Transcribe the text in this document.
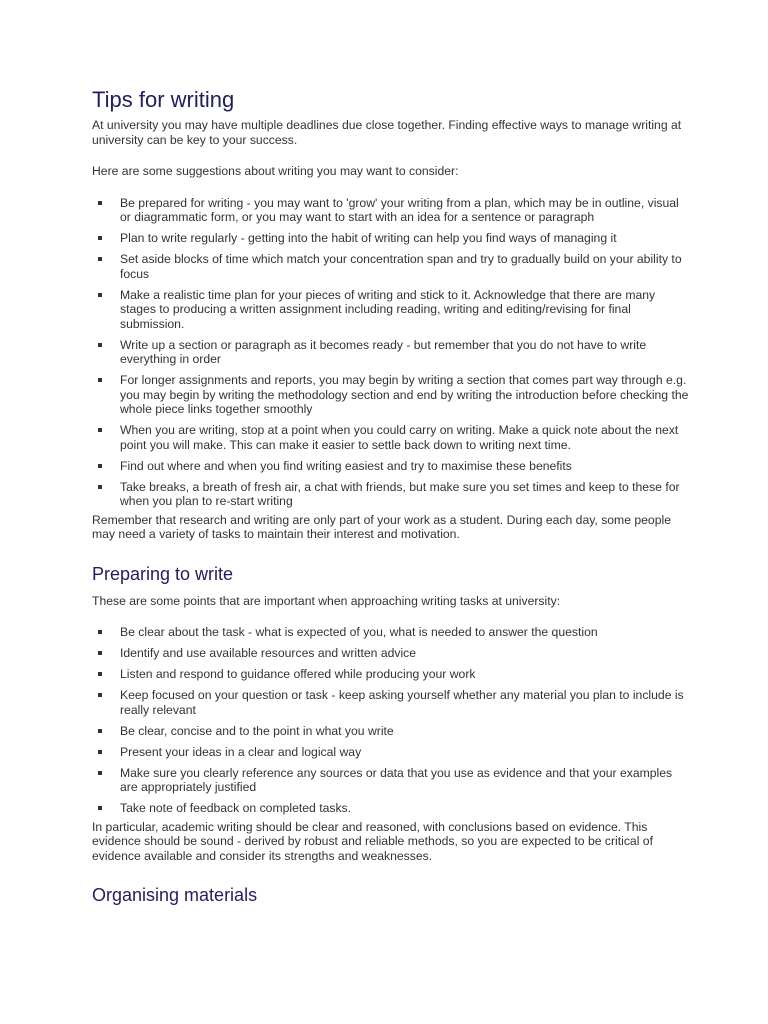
Tips for writing

At university you may have multiple deadlines due close together. Finding effective ways to manage writing at university can be key to your success.

Here are some suggestions about writing you may want to consider:

Be prepared for writing - you may want to 'grow' your writing from a plan, which may be in outline, visual or diagrammatic form, or you may want to start with an idea for a sentence or paragraph
Plan to write regularly - getting into the habit of writing can help you find ways of managing it
Set aside blocks of time which match your concentration span and try to gradually build on your ability to focus
Make a realistic time plan for your pieces of writing and stick to it. Acknowledge that there are many stages to producing a written assignment including reading, writing and editing/revising for final submission.
Write up a section or paragraph as it becomes ready - but remember that you do not have to write everything in order
For longer assignments and reports, you may begin by writing a section that comes part way through e.g. you may begin by writing the methodology section and end by writing the introduction before checking the whole piece links together smoothly
When you are writing, stop at a point when you could carry on writing. Make a quick note about the next point you will make. This can make it easier to settle back down to writing next time.
Find out where and when you find writing easiest and try to maximise these benefits
Take breaks, a breath of fresh air, a chat with friends, but make sure you set times and keep to these for when you plan to re-start writing

Remember that research and writing are only part of your work as a student. During each day, some people may need a variety of tasks to maintain their interest and motivation.

Preparing to write

These are some points that are important when approaching writing tasks at university:

Be clear about the task - what is expected of you, what is needed to answer the question
Identify and use available resources and written advice
Listen and respond to guidance offered while producing your work
Keep focused on your question or task - keep asking yourself whether any material you plan to include is really relevant
Be clear, concise and to the point in what you write
Present your ideas in a clear and logical way
Make sure you clearly reference any sources or data that you use as evidence and that your examples are appropriately justified
Take note of feedback on completed tasks.

In particular, academic writing should be clear and reasoned, with conclusions based on evidence. This evidence should be sound - derived by robust and reliable methods, so you are expected to be critical of evidence available and consider its strengths and weaknesses.

Organising materials
